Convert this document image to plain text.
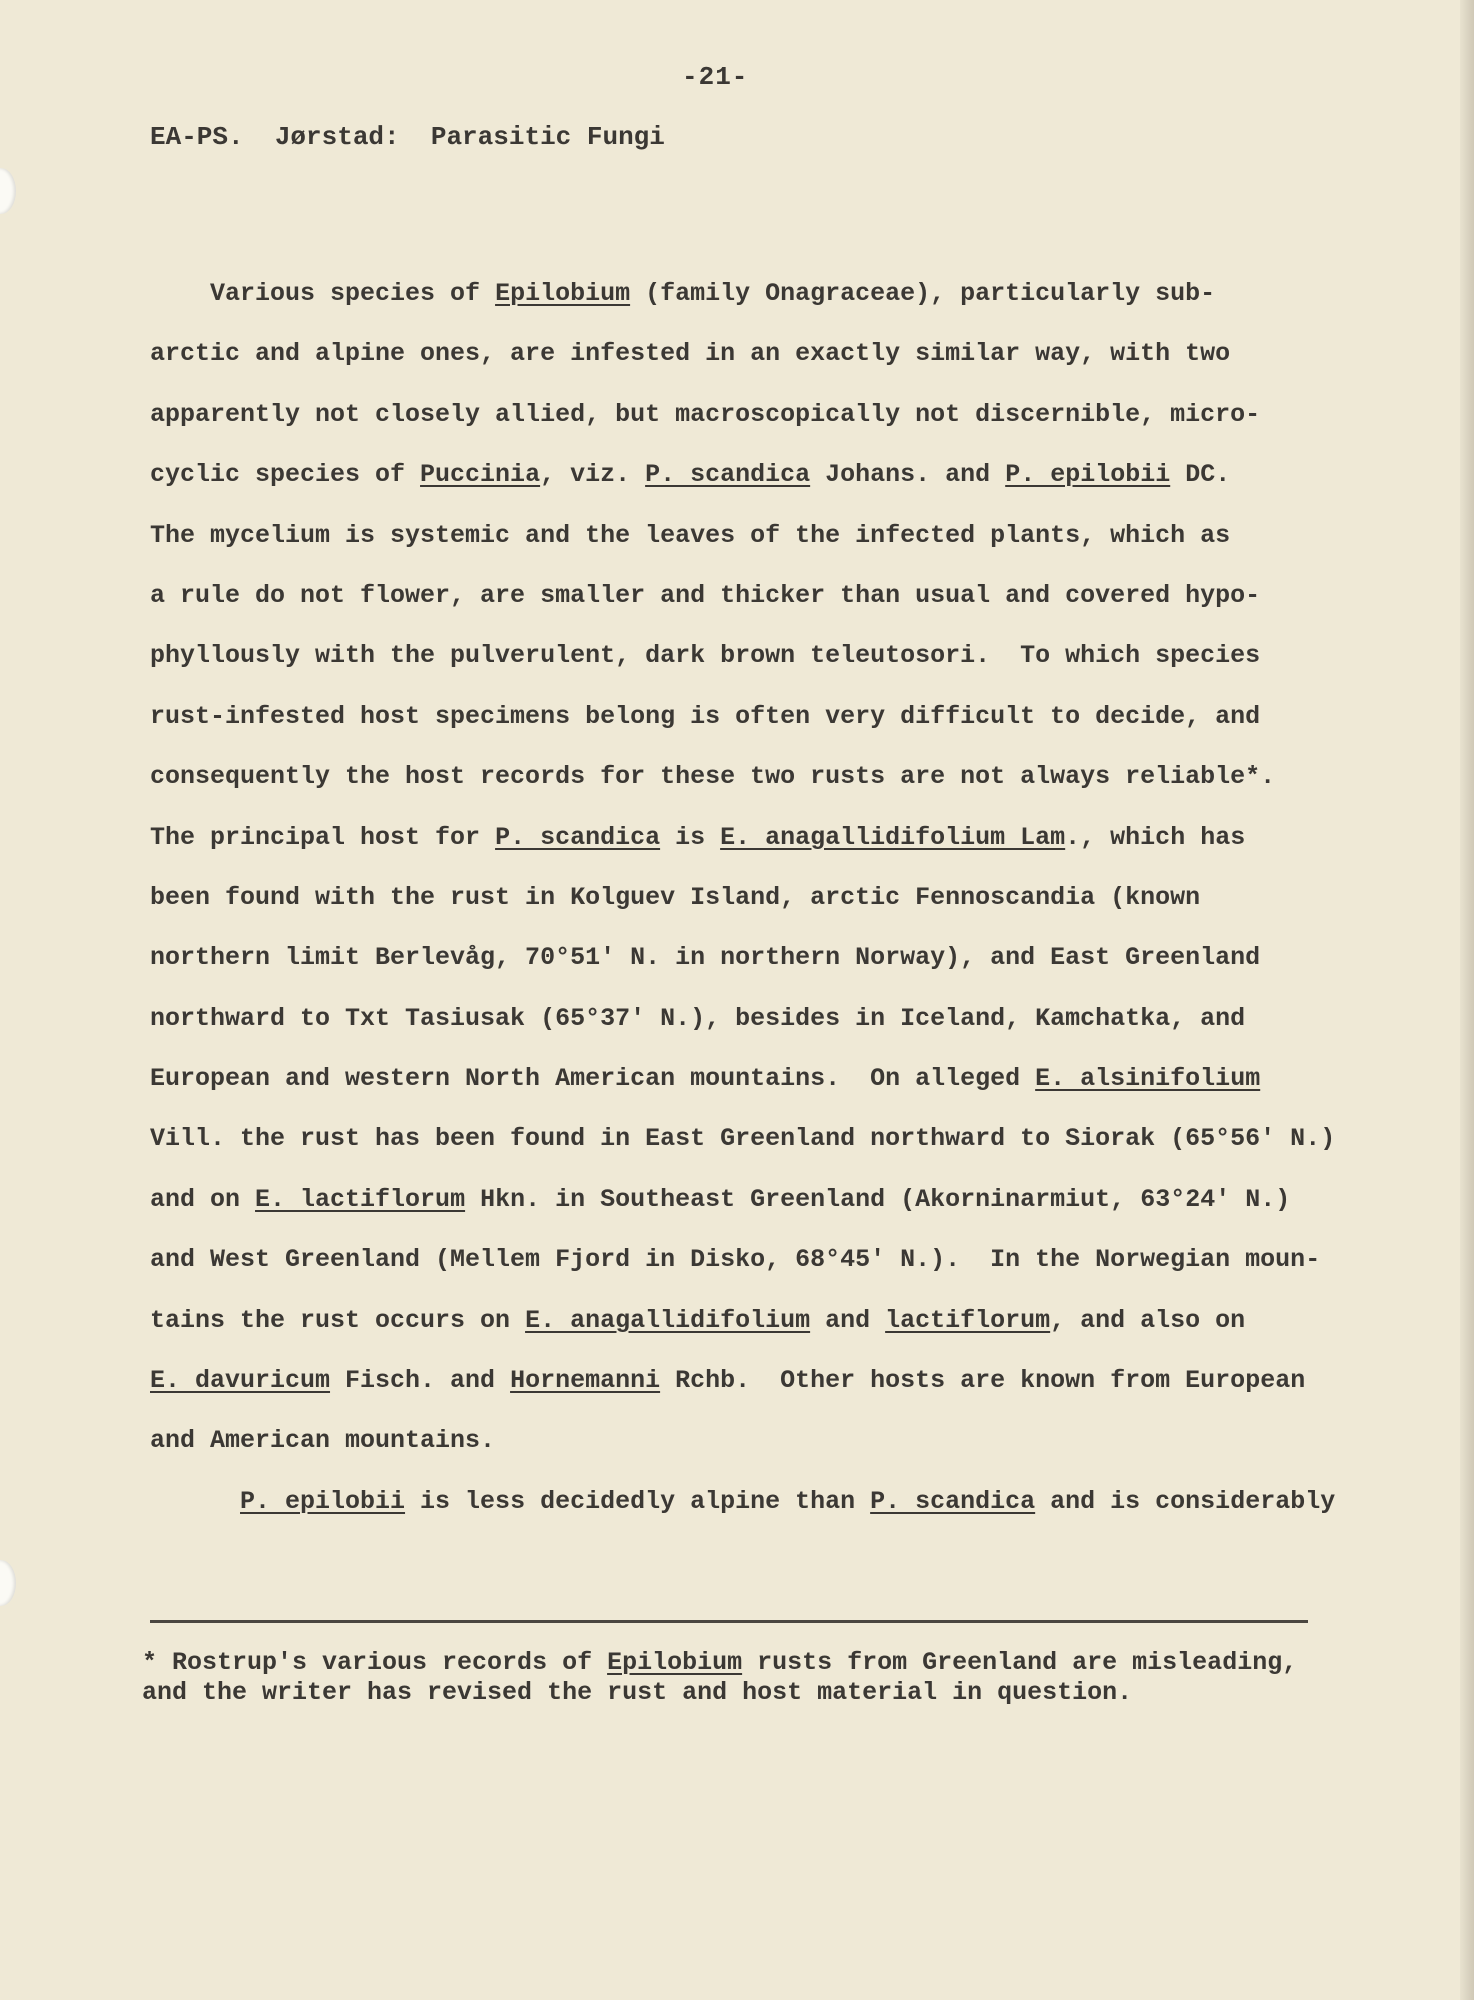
-21-
EA-PS.  Jørstad:  Parasitic Fungi
Various species of Epilobium (family Onagraceae), particularly sub-
arctic and alpine ones, are infested in an exactly similar way, with two
apparently not closely allied, but macroscopically not discernible, micro-
cyclic species of Puccinia, viz. P. scandica Johans. and P. epilobii DC.
The mycelium is systemic and the leaves of the infected plants, which as
a rule do not flower, are smaller and thicker than usual and covered hypo-
phyllously with the pulverulent, dark brown teleutosori.  To which species
rust-infested host specimens belong is often very difficult to decide, and
consequently the host records for these two rusts are not always reliable*.
The principal host for P. scandica is E. anagallidifolium Lam., which has
been found with the rust in Kolguev Island, arctic Fennoscandia (known
northern limit Berlevåg, 70°51' N. in northern Norway), and East Greenland
northward to Txt Tasiusak (65°37' N.), besides in Iceland, Kamchatka, and
European and western North American mountains.  On alleged E. alsinifolium
Vill. the rust has been found in East Greenland northward to Siorak (65°56' N.)
and on E. lactiflorum Hkn. in Southeast Greenland (Akorninarmiut, 63°24' N.)
and West Greenland (Mellem Fjord in Disko, 68°45' N.).  In the Norwegian moun-
tains the rust occurs on E. anagallidifolium and lactiflorum, and also on
E. davuricum Fisch. and Hornemanni Rchb.  Other hosts are known from European
and American mountains.
P. epilobii is less decidedly alpine than P. scandica and is considerably
* Rostrup's various records of Epilobium rusts from Greenland are misleading,
and the writer has revised the rust and host material in question.
